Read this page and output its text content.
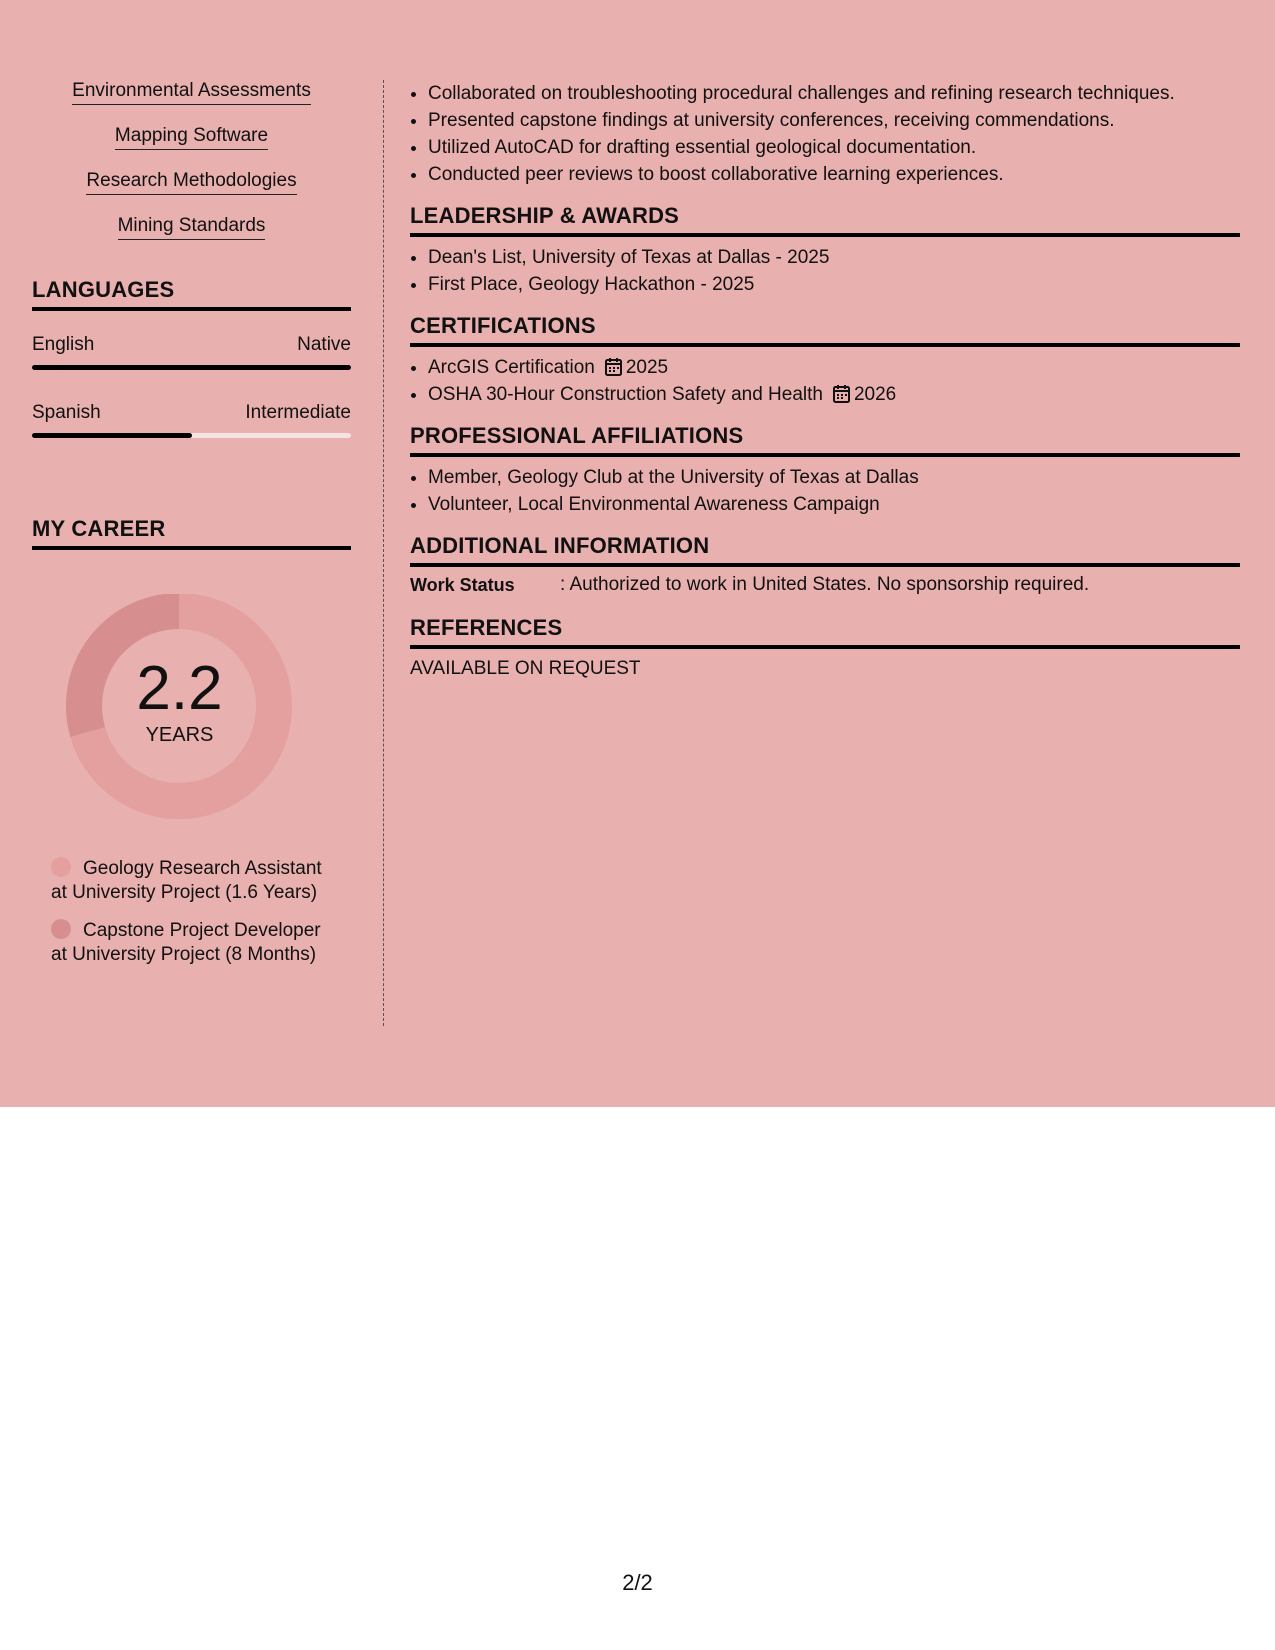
Environmental Assessments
Mapping Software
Research Methodologies
Mining Standards
LANGUAGES
English	Native
Spanish	Intermediate
MY CAREER
2.2
YEARS
Geology Research Assistant
at University Project (1.6 Years)
Capstone Project Developer
at University Project (8 Months)
• Collaborated on troubleshooting procedural challenges and refining research techniques.
• Presented capstone findings at university conferences, receiving commendations.
• Utilized AutoCAD for drafting essential geological documentation.
• Conducted peer reviews to boost collaborative learning experiences.
LEADERSHIP & AWARDS
• Dean's List, University of Texas at Dallas - 2025
• First Place, Geology Hackathon - 2025
CERTIFICATIONS
• ArcGIS Certification 2025
• OSHA 30-Hour Construction Safety and Health 2026
PROFESSIONAL AFFILIATIONS
• Member, Geology Club at the University of Texas at Dallas
• Volunteer, Local Environmental Awareness Campaign
ADDITIONAL INFORMATION
Work Status	: Authorized to work in United States. No sponsorship required.
REFERENCES
AVAILABLE ON REQUEST
2/2
